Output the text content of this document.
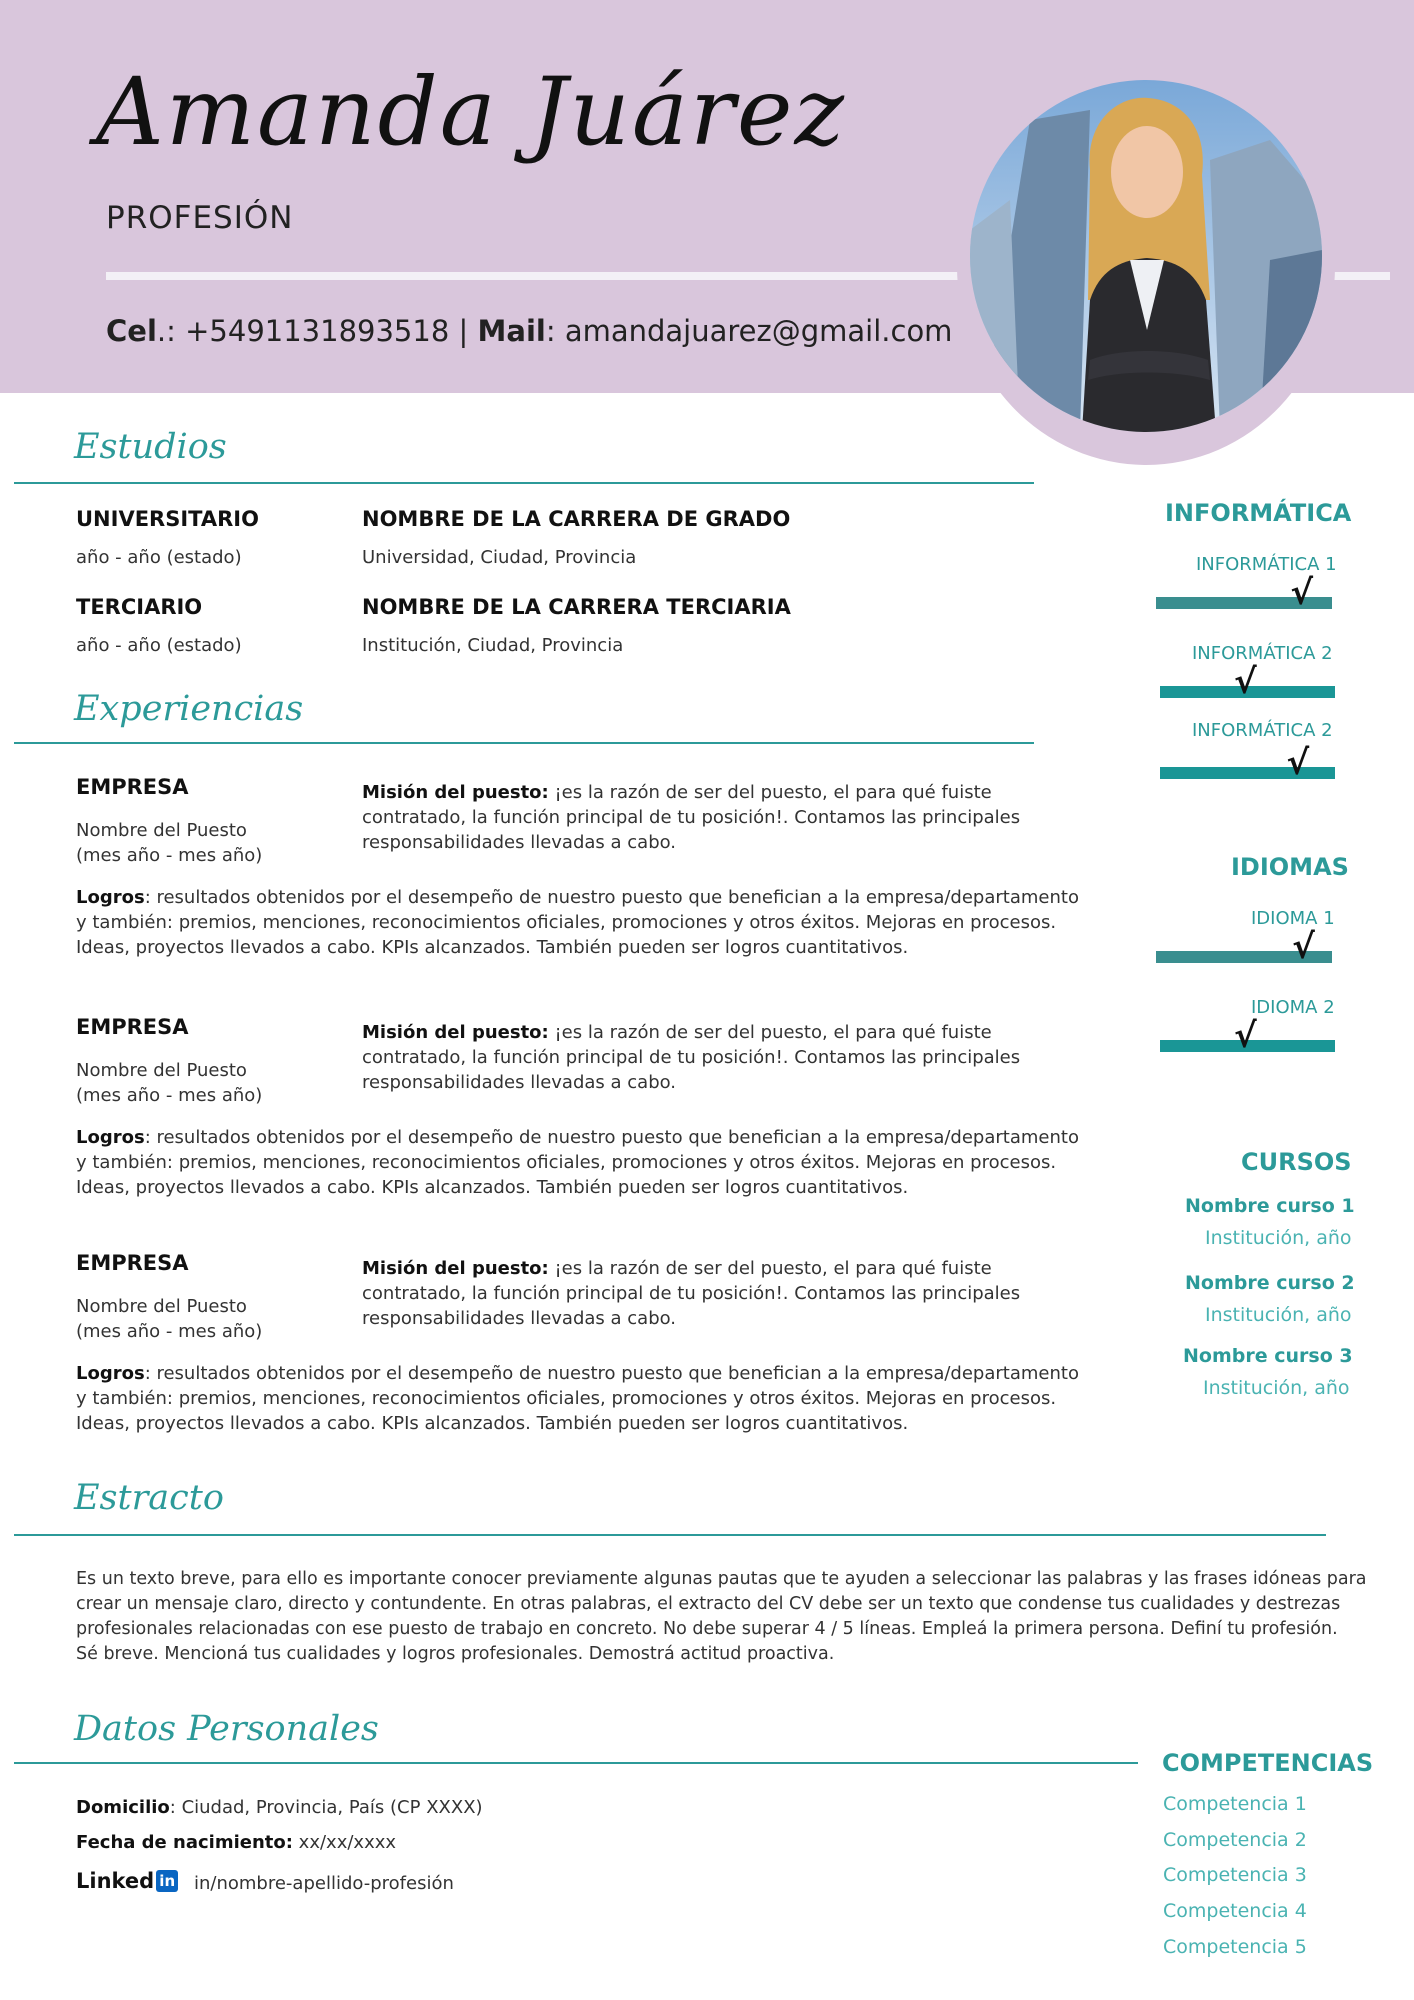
Amanda Juárez
PROFESIÓN
Cel.: +5491131893518 | Mail: amandajuarez@gmail.com
Estudios
UNIVERSITARIO
año - año (estado)
NOMBRE DE LA CARRERA DE GRADO
Universidad, Ciudad, Provincia
TERCIARIO
año - año (estado)
NOMBRE DE LA CARRERA TERCIARIA
Institución, Ciudad, Provincia
Experiencias
EMPRESA
Nombre del Puesto
(mes año - mes año)
Misión del puesto: ¡es la razón de ser del puesto, el para qué fuiste
contratado, la función principal de tu posición!. Contamos las principales
responsabilidades llevadas a cabo.
Logros: resultados obtenidos por el desempeño de nuestro puesto que benefician a la empresa/departamento
y también: premios, menciones, reconocimientos oficiales, promociones y otros éxitos. Mejoras en procesos.
Ideas, proyectos llevados a cabo. KPIs alcanzados. También pueden ser logros cuantitativos.
EMPRESA
Nombre del Puesto
(mes año - mes año)
Misión del puesto: ¡es la razón de ser del puesto, el para qué fuiste
contratado, la función principal de tu posición!. Contamos las principales
responsabilidades llevadas a cabo.
Logros: resultados obtenidos por el desempeño de nuestro puesto que benefician a la empresa/departamento
y también: premios, menciones, reconocimientos oficiales, promociones y otros éxitos. Mejoras en procesos.
Ideas, proyectos llevados a cabo. KPIs alcanzados. También pueden ser logros cuantitativos.
EMPRESA
Nombre del Puesto
(mes año - mes año)
Misión del puesto: ¡es la razón de ser del puesto, el para qué fuiste
contratado, la función principal de tu posición!. Contamos las principales
responsabilidades llevadas a cabo.
Logros: resultados obtenidos por el desempeño de nuestro puesto que benefician a la empresa/departamento
y también: premios, menciones, reconocimientos oficiales, promociones y otros éxitos. Mejoras en procesos.
Ideas, proyectos llevados a cabo. KPIs alcanzados. También pueden ser logros cuantitativos.
Estracto
Es un texto breve, para ello es importante conocer previamente algunas pautas que te ayuden a seleccionar las palabras y las frases idóneas para
crear un mensaje claro, directo y contundente. En otras palabras, el extracto del CV debe ser un texto que condense tus cualidades y destrezas
profesionales relacionadas con ese puesto de trabajo en concreto. No debe superar 4 / 5 líneas. Empleá la primera persona. Definí tu profesión.
Sé breve. Mencioná tus cualidades y logros profesionales. Demostrá actitud proactiva.
Datos Personales
Domicilio: Ciudad, Provincia, País (CP XXXX)
Fecha de nacimiento: xx/xx/xxxx
Linked in in/nombre-apellido-profesión
INFORMÁTICA
INFORMÁTICA 1
√
INFORMÁTICA 2
√
INFORMÁTICA 2
√
IDIOMAS
IDIOMA 1
√
IDIOMA 2
√
CURSOS
Nombre curso 1
Institución, año
Nombre curso 2
Institución, año
Nombre curso 3
Institución, año
COMPETENCIAS
Competencia 1
Competencia 2
Competencia 3
Competencia 4
Competencia 5
